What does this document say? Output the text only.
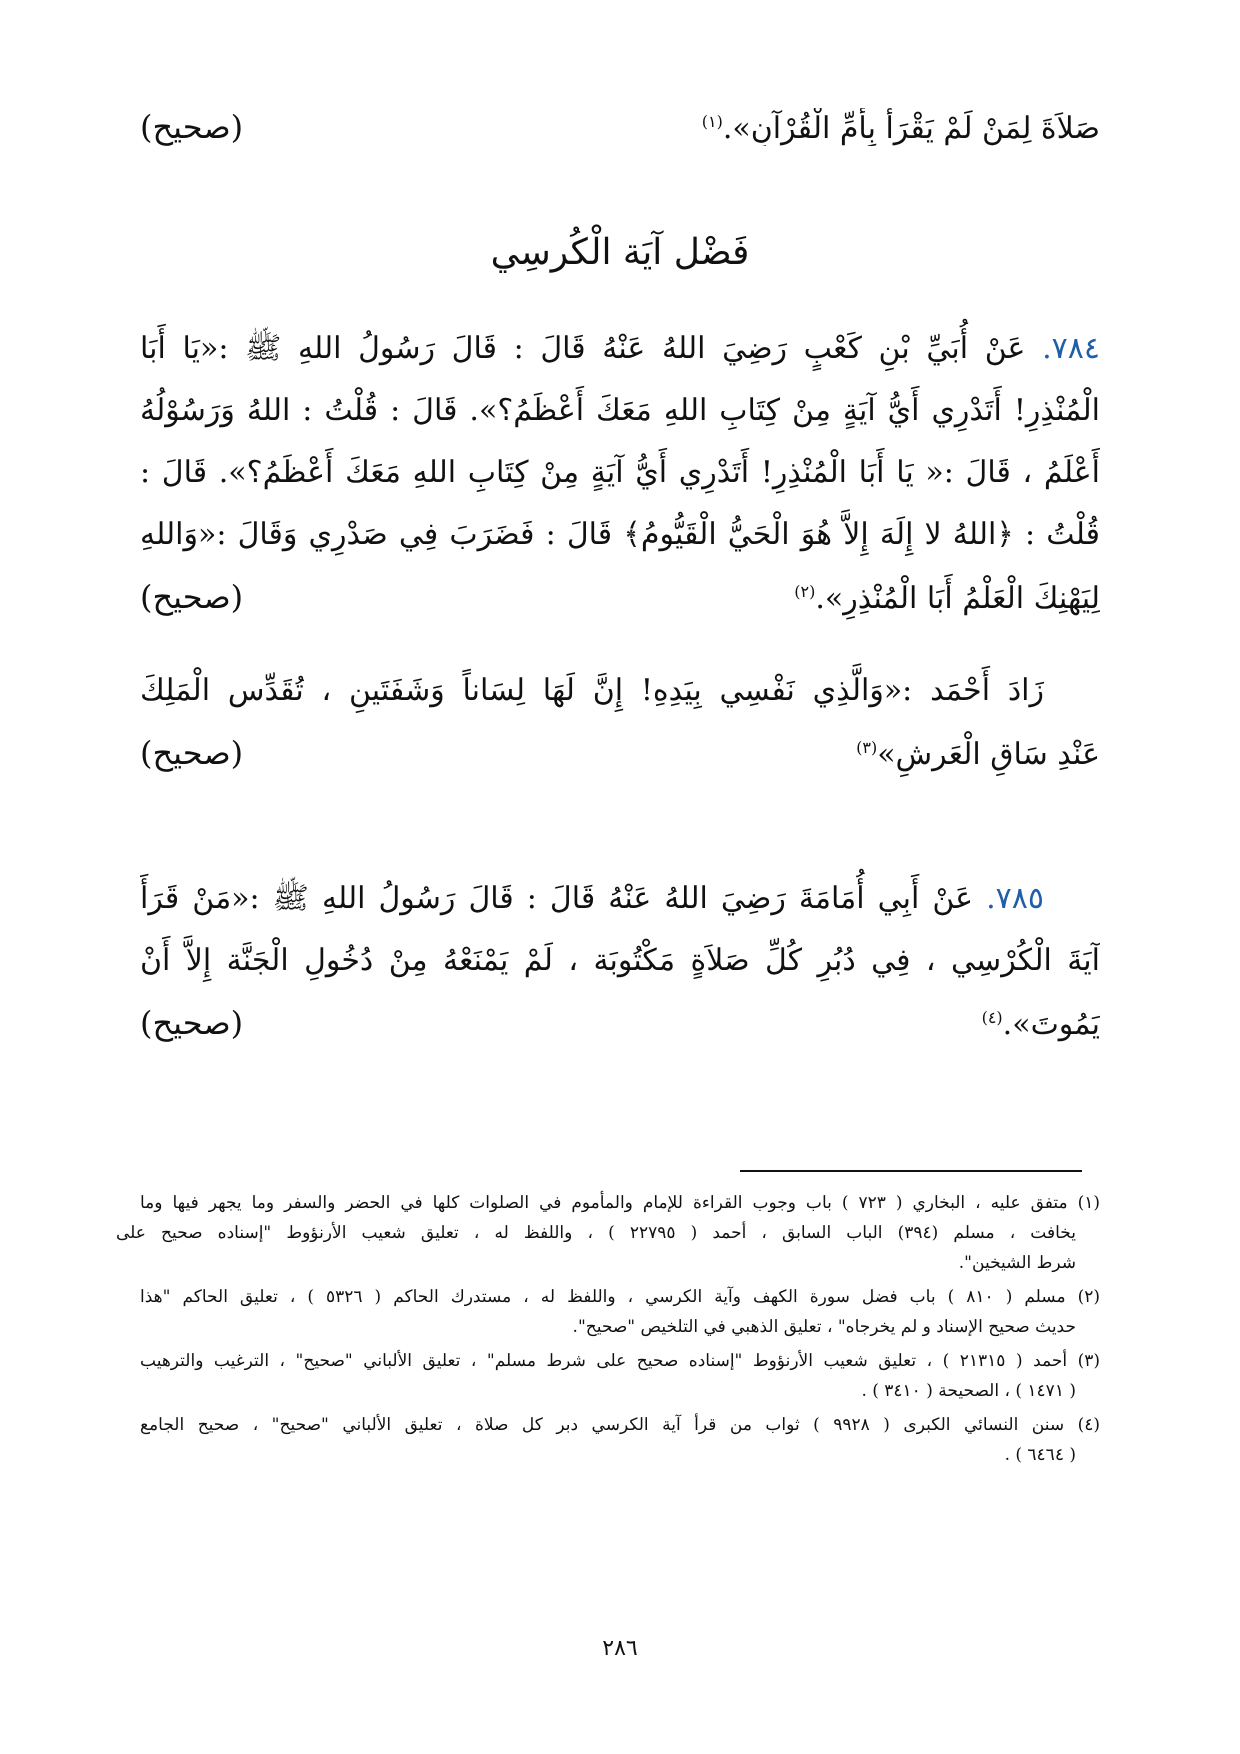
صَلاَةَ لِمَنْ لَمْ يَقْرَأْ بِأُمِّ الْقُرْآنِ».$^{(١)}$
(صحيح)
فَضْل آيَة الْكُرسِي
٧٨٤. عَنْ أُبَيِّ بْنِ كَعْبٍ رَضِيَ اللهُ عَنْهُ قَالَ : قَالَ رَسُولُ اللهِ ﷺ :«يَا أَبَا
الْمُنْذِرِ! أَتَدْرِي أَيُّ آيَةٍ مِنْ كِتَابِ اللهِ مَعَكَ أَعْظَمُ؟». قَالَ : قُلْتُ : اللهُ وَرَسُوْلُهُ
أَعْلَمُ ، قَالَ :« يَا أَبَا الْمُنْذِرِ! أَتَدْرِي أَيُّ آيَةٍ مِنْ كِتَابِ اللهِ مَعَكَ أَعْظَمُ؟». قَالَ :
قُلْتُ : ﴿اللهُ لا إِلَهَ إِلاَّ هُوَ الْحَيُّ الْقَيُّومُ﴾ قَالَ : فَضَرَبَ فِي صَدْرِي وَقَالَ :«وَاللهِ
لِيَهْنِكَ الْعَلْمُ أَبَا الْمُنْذِرِ».$^{(٢)}$
(صحيح)
زَادَ أَحْمَد :«وَالَّذِي نَفْسِي بِيَدِهِ! إِنَّ لَهَا لِسَاناً وَشَفَتَينِ ، تُقَدِّس الْمَلِكَ
عَنْدِ سَاقِ الْعَرشِ»$^{(٣)}$
(صحيح)
٧٨٥. عَنْ أَبِي أُمَامَةَ رَضِيَ اللهُ عَنْهُ قَالَ : قَالَ رَسُولُ اللهِ ﷺ :«مَنْ قَرَأَ
آيَةَ الْكُرْسِي ، فِي دُبُرِ كُلِّ صَلاَةٍ مَكْتُوبَة ، لَمْ يَمْنَعْهُ مِنْ دُخُولِ الْجَنَّة إِلاَّ أَنْ
يَمُوتَ».$^{(٤)}$
(صحيح)
(١) متفق عليه ، البخاري ( ٧٢٣ ) باب وجوب القراءة للإمام والمأموم في الصلوات كلها في الحضر والسفر وما يجهر فيها وما
يخافت ، مسلم (٣٩٤) الباب السابق ، أحمد ( ٢٢٧٩٥ ) ، واللفظ له ، تعليق شعيب الأرنؤوط "إسناده صحيح على
شرط الشيخين".
(٢) مسلم ( ٨١٠ ) باب فضل سورة الكهف وآية الكرسي ، واللفظ له ، مستدرك الحاكم ( ٥٣٢٦ ) ، تعليق الحاكم "هذا
حديث صحيح الإسناد و لم يخرجاه" ، تعليق الذهبي في التلخيص "صحيح".
(٣) أحمد ( ٢١٣١٥ ) ، تعليق شعيب الأرنؤوط "إسناده صحيح على شرط مسلم" ، تعليق الألباني "صحيح" ، الترغيب والترهيب
( ١٤٧١ ) ، الصحيحة ( ٣٤١٠ ) .
(٤) سنن النسائي الكبرى ( ٩٩٢٨ ) ثواب من قرأ آية الكرسي دبر كل صلاة ، تعليق الألباني "صحيح" ، صحيح الجامع
( ٦٤٦٤ ) .
٢٨٦
